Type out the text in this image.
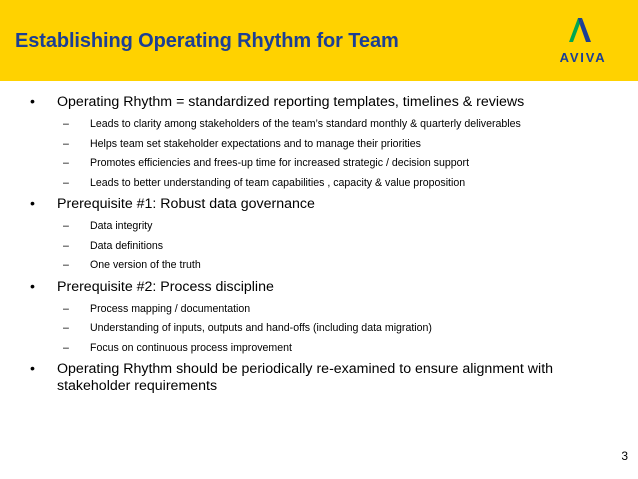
Establishing Operating Rhythm for Team
AVIVA
• Operating Rhythm = standardized reporting templates, timelines & reviews
– Leads to clarity among stakeholders of the team’s standard monthly & quarterly deliverables
– Helps team set stakeholder expectations and to manage their priorities
– Promotes efficiencies and frees-up time for increased strategic / decision support
– Leads to better understanding of team capabilities , capacity & value proposition
• Prerequisite #1: Robust data governance
– Data integrity
– Data definitions
– One version of the truth
• Prerequisite #2: Process discipline
– Process mapping / documentation
– Understanding of inputs, outputs and hand-offs (including data migration)
– Focus on continuous process improvement
• Operating Rhythm should be periodically re-examined to ensure alignment with stakeholder requirements
3
